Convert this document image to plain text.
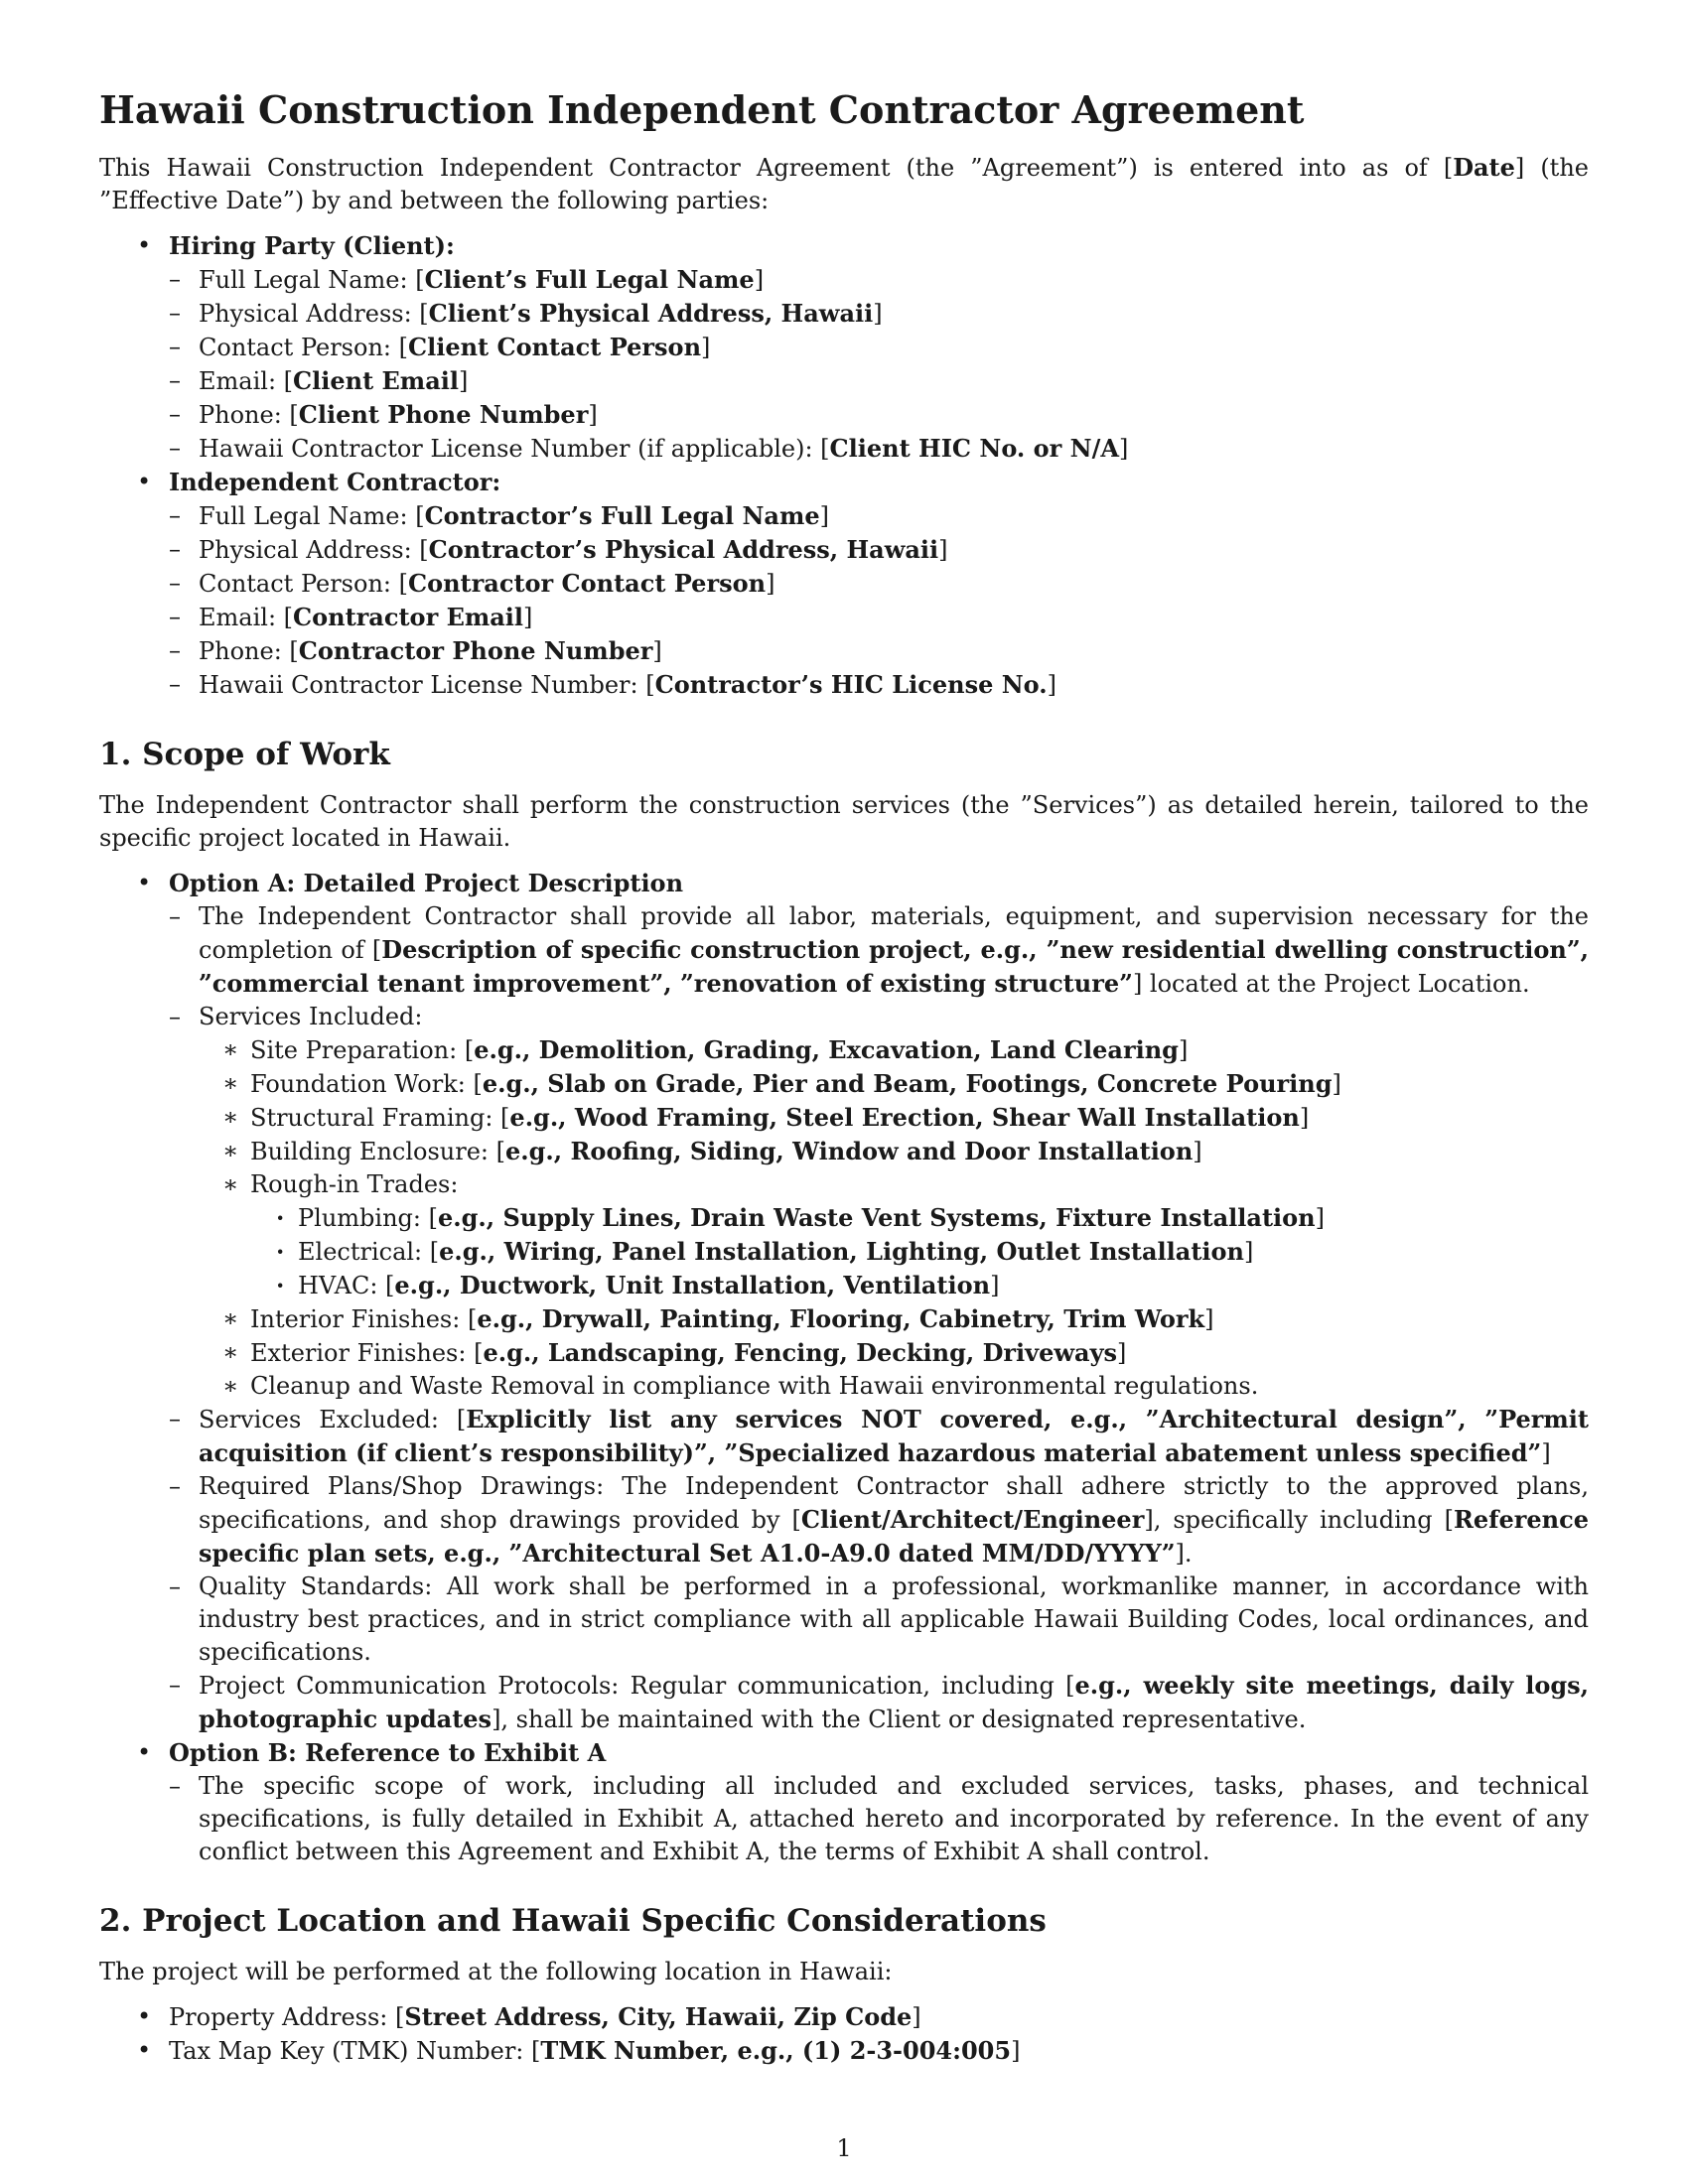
Hawaii Construction Independent Contractor Agreement

This Hawaii Construction Independent Contractor Agreement (the ”Agreement”) is entered into as of [Date] (the ”Effective Date”) by and between the following parties:

• Hiring Party (Client):
– Full Legal Name: [Client’s Full Legal Name]
– Physical Address: [Client’s Physical Address, Hawaii]
– Contact Person: [Client Contact Person]
– Email: [Client Email]
– Phone: [Client Phone Number]
– Hawaii Contractor License Number (if applicable): [Client HIC No. or N/A]
• Independent Contractor:
– Full Legal Name: [Contractor’s Full Legal Name]
– Physical Address: [Contractor’s Physical Address, Hawaii]
– Contact Person: [Contractor Contact Person]
– Email: [Contractor Email]
– Phone: [Contractor Phone Number]
– Hawaii Contractor License Number: [Contractor’s HIC License No.]
1. Scope of Work

The Independent Contractor shall perform the construction services (the ”Services”) as detailed herein, tailored to the specific project located in Hawaii.

• Option A: Detailed Project Description
– The Independent Contractor shall provide all labor, materials, equipment, and supervision necessary for the completion of [Description of specific construction project, e.g., ”new residential dwelling construction”, ”commercial tenant improvement”, ”renovation of existing structure”] located at the Project Location.
– Services Included:
∗ Site Preparation: [e.g., Demolition, Grading, Excavation, Land Clearing]
∗ Foundation Work: [e.g., Slab on Grade, Pier and Beam, Footings, Concrete Pouring]
∗ Structural Framing: [e.g., Wood Framing, Steel Erection, Shear Wall Installation]
∗ Building Enclosure: [e.g., Roofing, Siding, Window and Door Installation]
∗ Rough-in Trades:
· Plumbing: [e.g., Supply Lines, Drain Waste Vent Systems, Fixture Installation]
· Electrical: [e.g., Wiring, Panel Installation, Lighting, Outlet Installation]
· HVAC: [e.g., Ductwork, Unit Installation, Ventilation]
∗ Interior Finishes: [e.g., Drywall, Painting, Flooring, Cabinetry, Trim Work]
∗ Exterior Finishes: [e.g., Landscaping, Fencing, Decking, Driveways]
∗ Cleanup and Waste Removal in compliance with Hawaii environmental regulations.
– Services Excluded: [Explicitly list any services NOT covered, e.g., ”Architectural design”, ”Permit acquisition (if client’s responsibility)”, ”Specialized hazardous material abatement unless specified”]
– Required Plans/Shop Drawings: The Independent Contractor shall adhere strictly to the approved plans, specifications, and shop drawings provided by [Client/Architect/Engineer], specifically including [Reference specific plan sets, e.g., ”Architectural Set A1.0-A9.0 dated MM/DD/YYYY”].
– Quality Standards: All work shall be performed in a professional, workmanlike manner, in accordance with industry best practices, and in strict compliance with all applicable Hawaii Building Codes, local ordinances, and specifications.
– Project Communication Protocols: Regular communication, including [e.g., weekly site meetings, daily logs, photographic updates], shall be maintained with the Client or designated representative.
• Option B: Reference to Exhibit A
– The specific scope of work, including all included and excluded services, tasks, phases, and technical specifications, is fully detailed in Exhibit A, attached hereto and incorporated by reference. In the event of any conflict between this Agreement and Exhibit A, the terms of Exhibit A shall control.
2. Project Location and Hawaii Specific Considerations

The project will be performed at the following location in Hawaii:

• Property Address: [Street Address, City, Hawaii, Zip Code]
• Tax Map Key (TMK) Number: [TMK Number, e.g., (1) 2-3-004:005]
1
